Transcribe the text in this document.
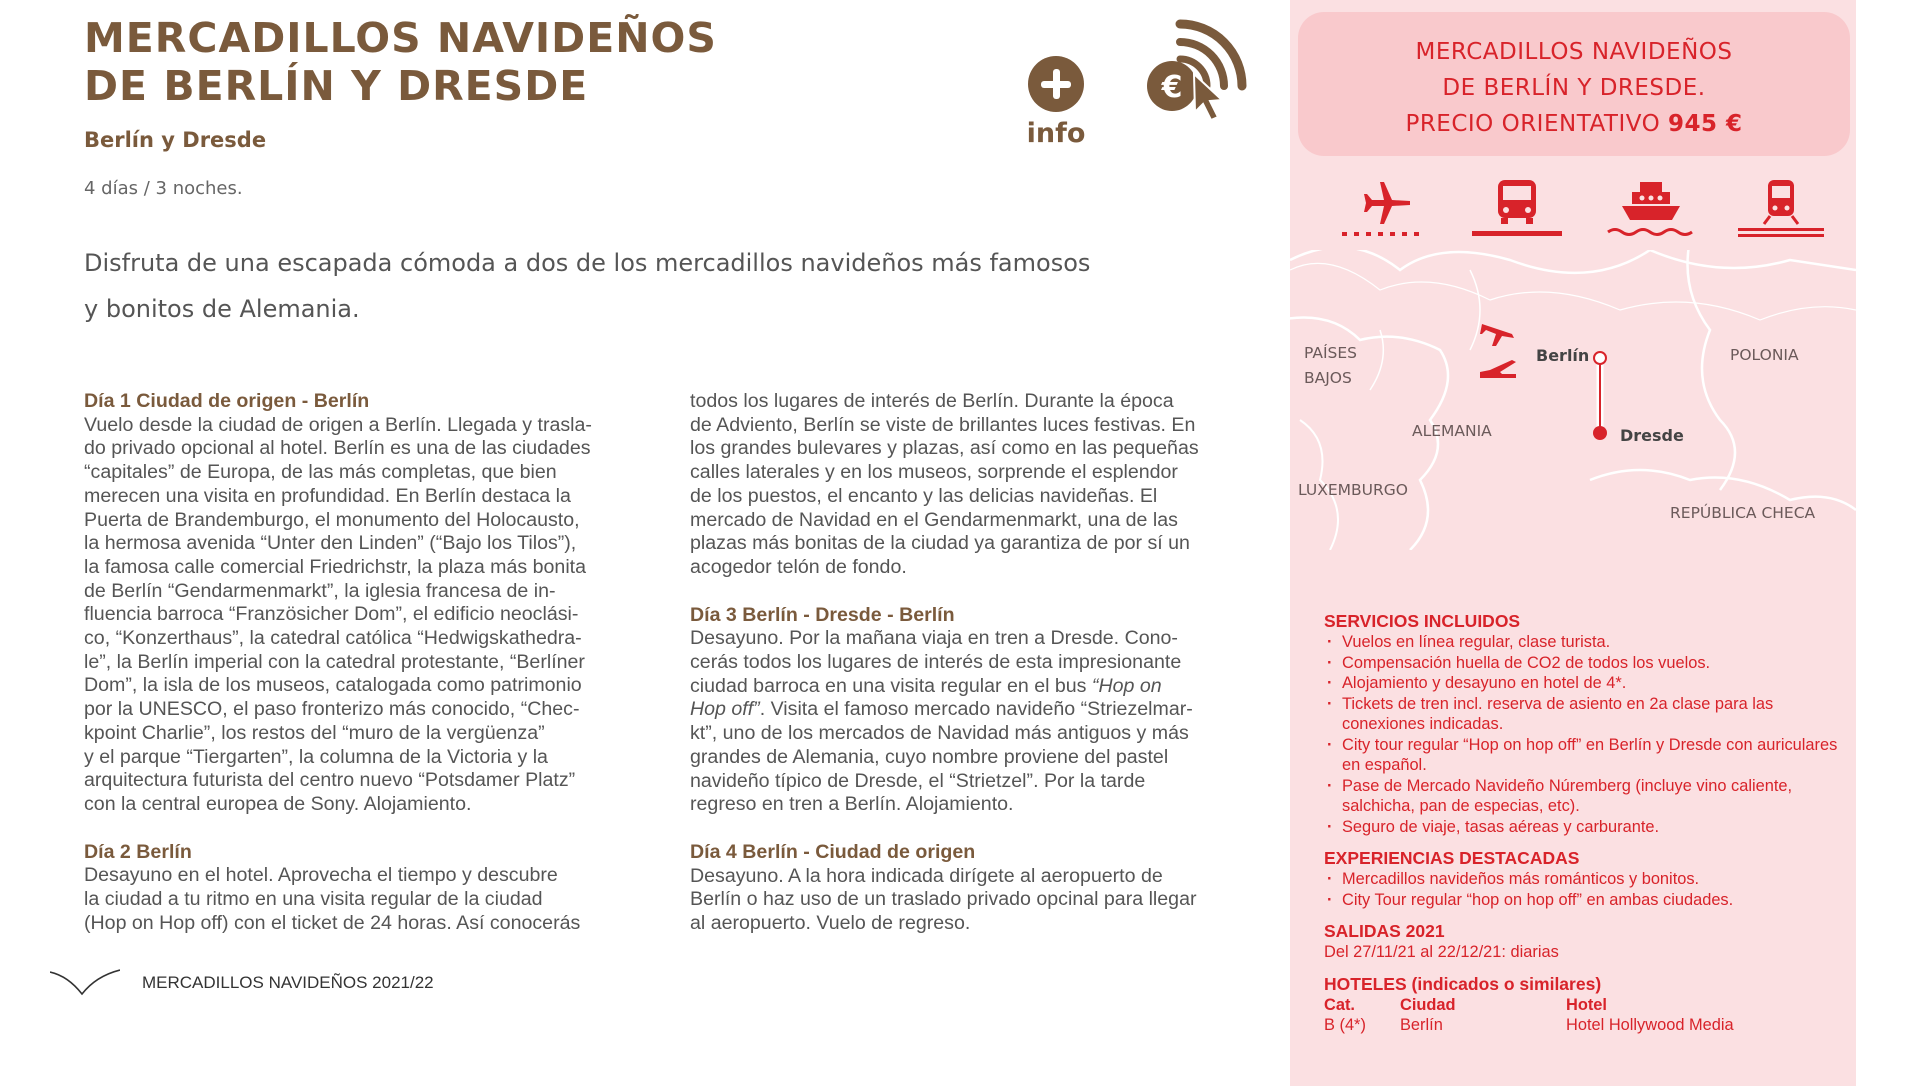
MERCADILLOS NAVIDEÑOS
DE BERLÍN Y DRESDE
Berlín y Dresde
4 días / 3 noches.
Disfruta de una escapada cómoda a dos de los mercadillos navideños más famosos
y bonitos de Alemania.
info
€
Día 1 Ciudad de origen - Berlín
Vuelo desde la ciudad de origen a Berlín. Llegada y trasla-
do privado opcional al hotel. Berlín es una de las ciudades
“capitales” de Europa, de las más completas, que bien
merecen una visita en profundidad. En Berlín destaca la
Puerta de Brandemburgo, el monumento del Holocausto,
la hermosa avenida “Unter den Linden” (“Bajo los Tilos”),
la famosa calle comercial Friedrichstr, la plaza más bonita
de Berlín “Gendarmenmarkt”, la iglesia francesa de in-
fluencia barroca “Französicher Dom”, el edificio neoclási-
co, “Konzerthaus”, la catedral católica “Hedwigskathedra-
le”, la Berlín imperial con la catedral protestante, “Berlíner
Dom”, la isla de los museos, catalogada como patrimonio
por la UNESCO, el paso fronterizo más conocido, “Chec-
kpoint Charlie”, los restos del “muro de la vergüenza”
y el parque “Tiergarten”, la columna de la Victoria y la
arquitectura futurista del centro nuevo “Potsdamer Platz”
con la central europea de Sony. Alojamiento.
Día 2 Berlín
Desayuno en el hotel. Aprovecha el tiempo y descubre
la ciudad a tu ritmo en una visita regular de la ciudad
(Hop on Hop off) con el ticket de 24 horas. Así conocerás
todos los lugares de interés de Berlín. Durante la época
de Adviento, Berlín se viste de brillantes luces festivas. En
los grandes bulevares y plazas, así como en las pequeñas
calles laterales y en los museos, sorprende el esplendor
de los puestos, el encanto y las delicias navideñas. El
mercado de Navidad en el Gendarmenmarkt, una de las
plazas más bonitas de la ciudad ya garantiza de por sí un
acogedor telón de fondo.
Día 3 Berlín - Dresde - Berlín
Desayuno. Por la mañana viaja en tren a Dresde. Cono-
cerás todos los lugares de interés de esta impresionante
ciudad barroca en una visita regular en el bus “Hop on
Hop off”. Visita el famoso mercado navideño “Striezelmar-
kt”, uno de los mercados de Navidad más antiguos y más
grandes de Alemania, cuyo nombre proviene del pastel
navideño típico de Dresde, el “Strietzel”. Por la tarde
regreso en tren a Berlín. Alojamiento.
Día 4 Berlín - Ciudad de origen
Desayuno. A la hora indicada dirígete al aeropuerto de
Berlín o haz uso de un traslado privado opcinal para llegar
al aeropuerto. Vuelo de regreso.
MERCADILLOS NAVIDEÑOS 2021/22
MERCADILLOS NAVIDEÑOS
DE BERLÍN Y DRESDE.
PRECIO ORIENTATIVO 945 €
PAÍSES
BAJOS
POLONIA
ALEMANIA
LUXEMBURGO
REPÚBLICA CHECA
Berlín
Dresde
SERVICIOS INCLUIDOS
· Vuelos en línea regular, clase turista.
· Compensación huella de CO2 de todos los vuelos.
· Alojamiento y desayuno en hotel de 4*.
· Tickets de tren incl. reserva de asiento en 2a clase para las conexiones indicadas.
· City tour regular “Hop on hop off” en Berlín y Dresde con auriculares en español.
· Pase de Mercado Navideño Núremberg (incluye vino caliente, salchicha, pan de especias, etc).
· Seguro de viaje, tasas aéreas y carburante.
EXPERIENCIAS DESTACADAS
· Mercadillos navideños más románticos y bonitos.
· City Tour regular “hop on hop off” en ambas ciudades.
SALIDAS 2021
Del 27/11/21 al 22/12/21: diarias
HOTELES (indicados o similares)
Cat.	Ciudad	Hotel
B (4*)	Berlín	Hotel Hollywood Media
